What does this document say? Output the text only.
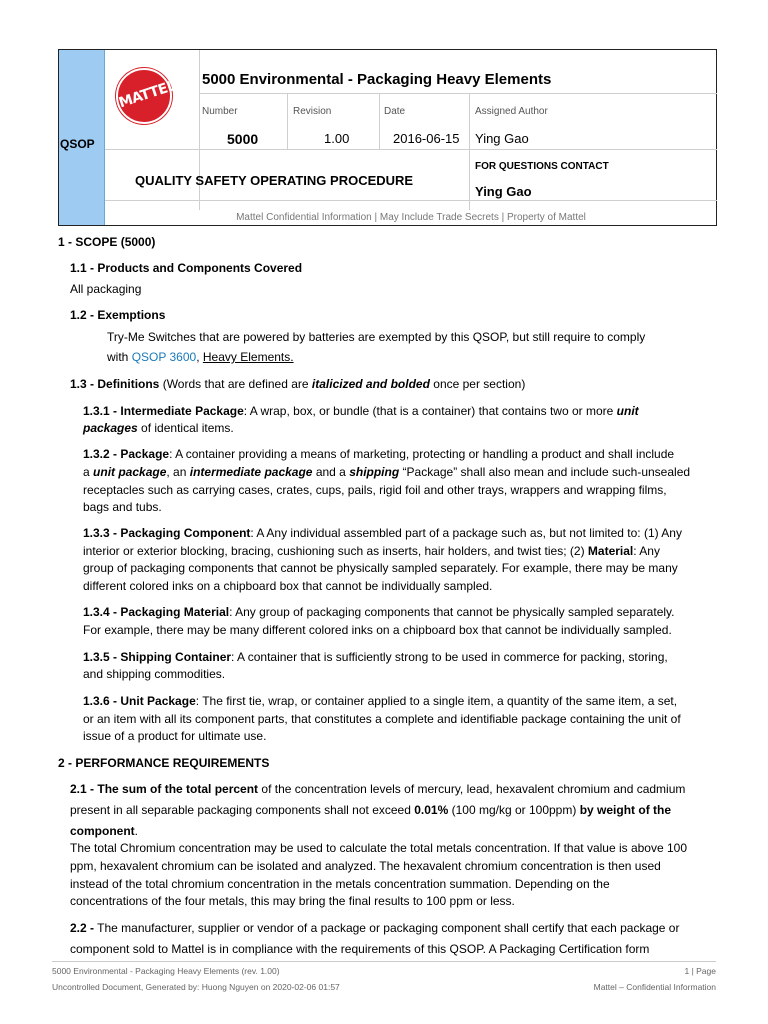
QSOP
MATTEL 5000 Environmental - Packaging Heavy Elements
Number	Revision	Date	Assigned Author
5000	1.00	2016-06-15 Ying Gao
QUALITY SAFETY OPERATING PROCEDURE
FOR QUESTIONS CONTACT
Ying Gao
Mattel Confidential Information | May Include Trade Secrets | Property of Mattel
1 - SCOPE (5000)
1.1 - Products and Components Covered
All packaging
1.2 - Exemptions
Try-Me Switches that are powered by batteries are exempted by this QSOP, but still require to comply
with QSOP 3600, Heavy Elements.
1.3 - Definitions (Words that are defined are italicized and bolded once per section)
1.3.1 - Intermediate Package: A wrap, box, or bundle (that is a container) that contains two or more unit
packages of identical items.
1.3.2 - Package: A container providing a means of marketing, protecting or handling a product and shall include
a unit package, an intermediate package and a shipping “Package” shall also mean and include such-unsealed
receptacles such as carrying cases, crates, cups, pails, rigid foil and other trays, wrappers and wrapping films,
bags and tubs.
1.3.3 - Packaging Component: A Any individual assembled part of a package such as, but not limited to: (1) Any
interior or exterior blocking, bracing, cushioning such as inserts, hair holders, and twist ties; (2) Material: Any
group of packaging components that cannot be physically sampled separately. For example, there may be many
different colored inks on a chipboard box that cannot be individually sampled.
1.3.4 - Packaging Material: Any group of packaging components that cannot be physically sampled separately.
For example, there may be many different colored inks on a chipboard box that cannot be individually sampled.
1.3.5 - Shipping Container: A container that is sufficiently strong to be used in commerce for packing, storing,
and shipping commodities.
1.3.6 - Unit Package: The first tie, wrap, or container applied to a single item, a quantity of the same item, a set,
or an item with all its component parts, that constitutes a complete and identifiable package containing the unit of
issue of a product for ultimate use.
2 - PERFORMANCE REQUIREMENTS
2.1 - The sum of the total percent of the concentration levels of mercury, lead, hexavalent chromium and cadmium
present in all separable packaging components shall not exceed 0.01% (100 mg/kg or 100ppm) by weight of the
component.
The total Chromium concentration may be used to calculate the total metals concentration. If that value is above 100
ppm, hexavalent chromium can be isolated and analyzed. The hexavalent chromium concentration is then used
instead of the total chromium concentration in the metals concentration summation. Depending on the
concentrations of the four metals, this may bring the final results to 100 ppm or less.
2.2 - The manufacturer, supplier or vendor of a package or packaging component shall certify that each package or
component sold to Mattel is in compliance with the requirements of this QSOP. A Packaging Certification form
5000 Environmental - Packaging Heavy Elements (rev. 1.00)	1 | Page
Uncontrolled Document, Generated by: Huong Nguyen on 2020-02-06 01:57	Mattel – Confidential Information
